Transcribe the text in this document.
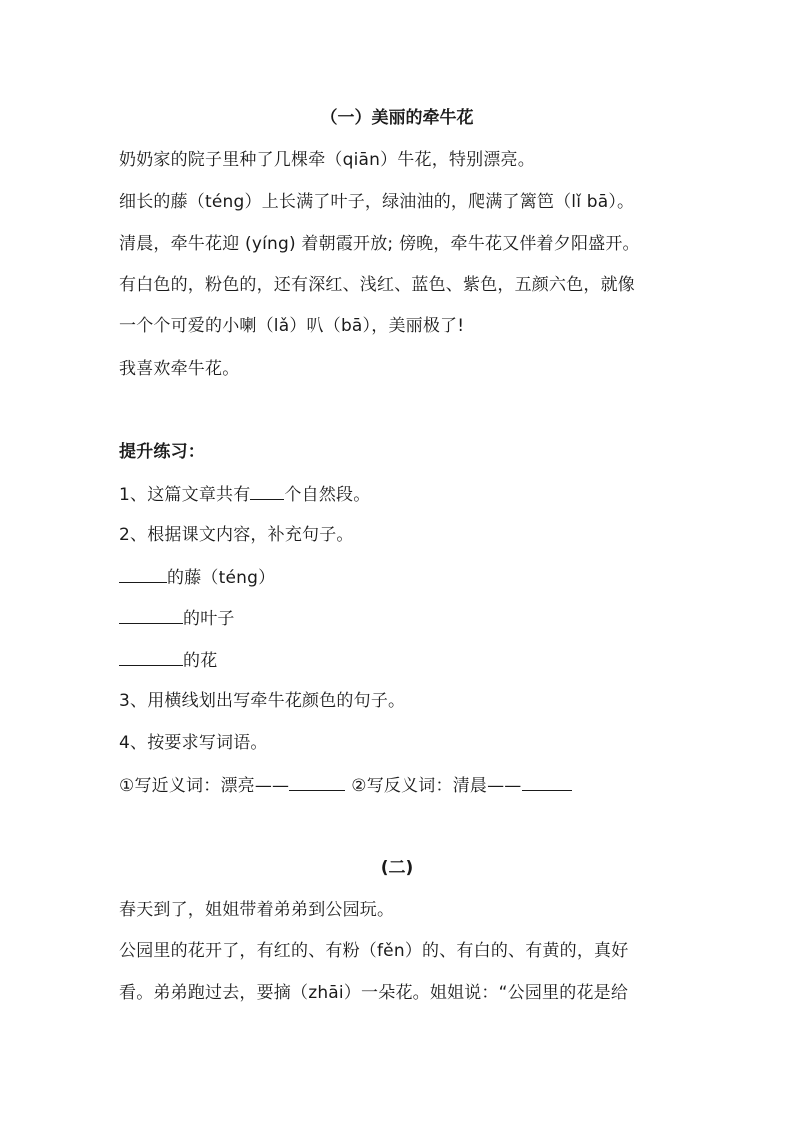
（一）美丽的牵牛花
奶奶家的院子里种了几棵牵（qiān）牛花，特别漂亮。
细长的藤（téng）上长满了叶子，绿油油的，爬满了篱笆（lǐ bā）。
清晨，牵牛花迎 (yíng) 着朝霞开放; 傍晚，牵牛花又伴着夕阳盛开。
有白色的，粉色的，还有深红、浅红、蓝色、紫色，五颜六色，就像
一个个可爱的小喇（lǎ）叭（bā），美丽极了!
我喜欢牵牛花。
提升练习：
1、这篇文章共有 个自然段。
2、根据课文内容，补充句子。
的藤（téng）
的叶子
的花
3、用横线划出写牵牛花颜色的句子。
4、按要求写词语。
①写近义词：漂亮——	②写反义词：清晨——
(二)
春天到了，姐姐带着弟弟到公园玩。
公园里的花开了，有红的、有粉（fěn）的、有白的、有黄的，真好
看。弟弟跑过去，要摘（zhāi）一朵花。姐姐说：“公园里的花是给
